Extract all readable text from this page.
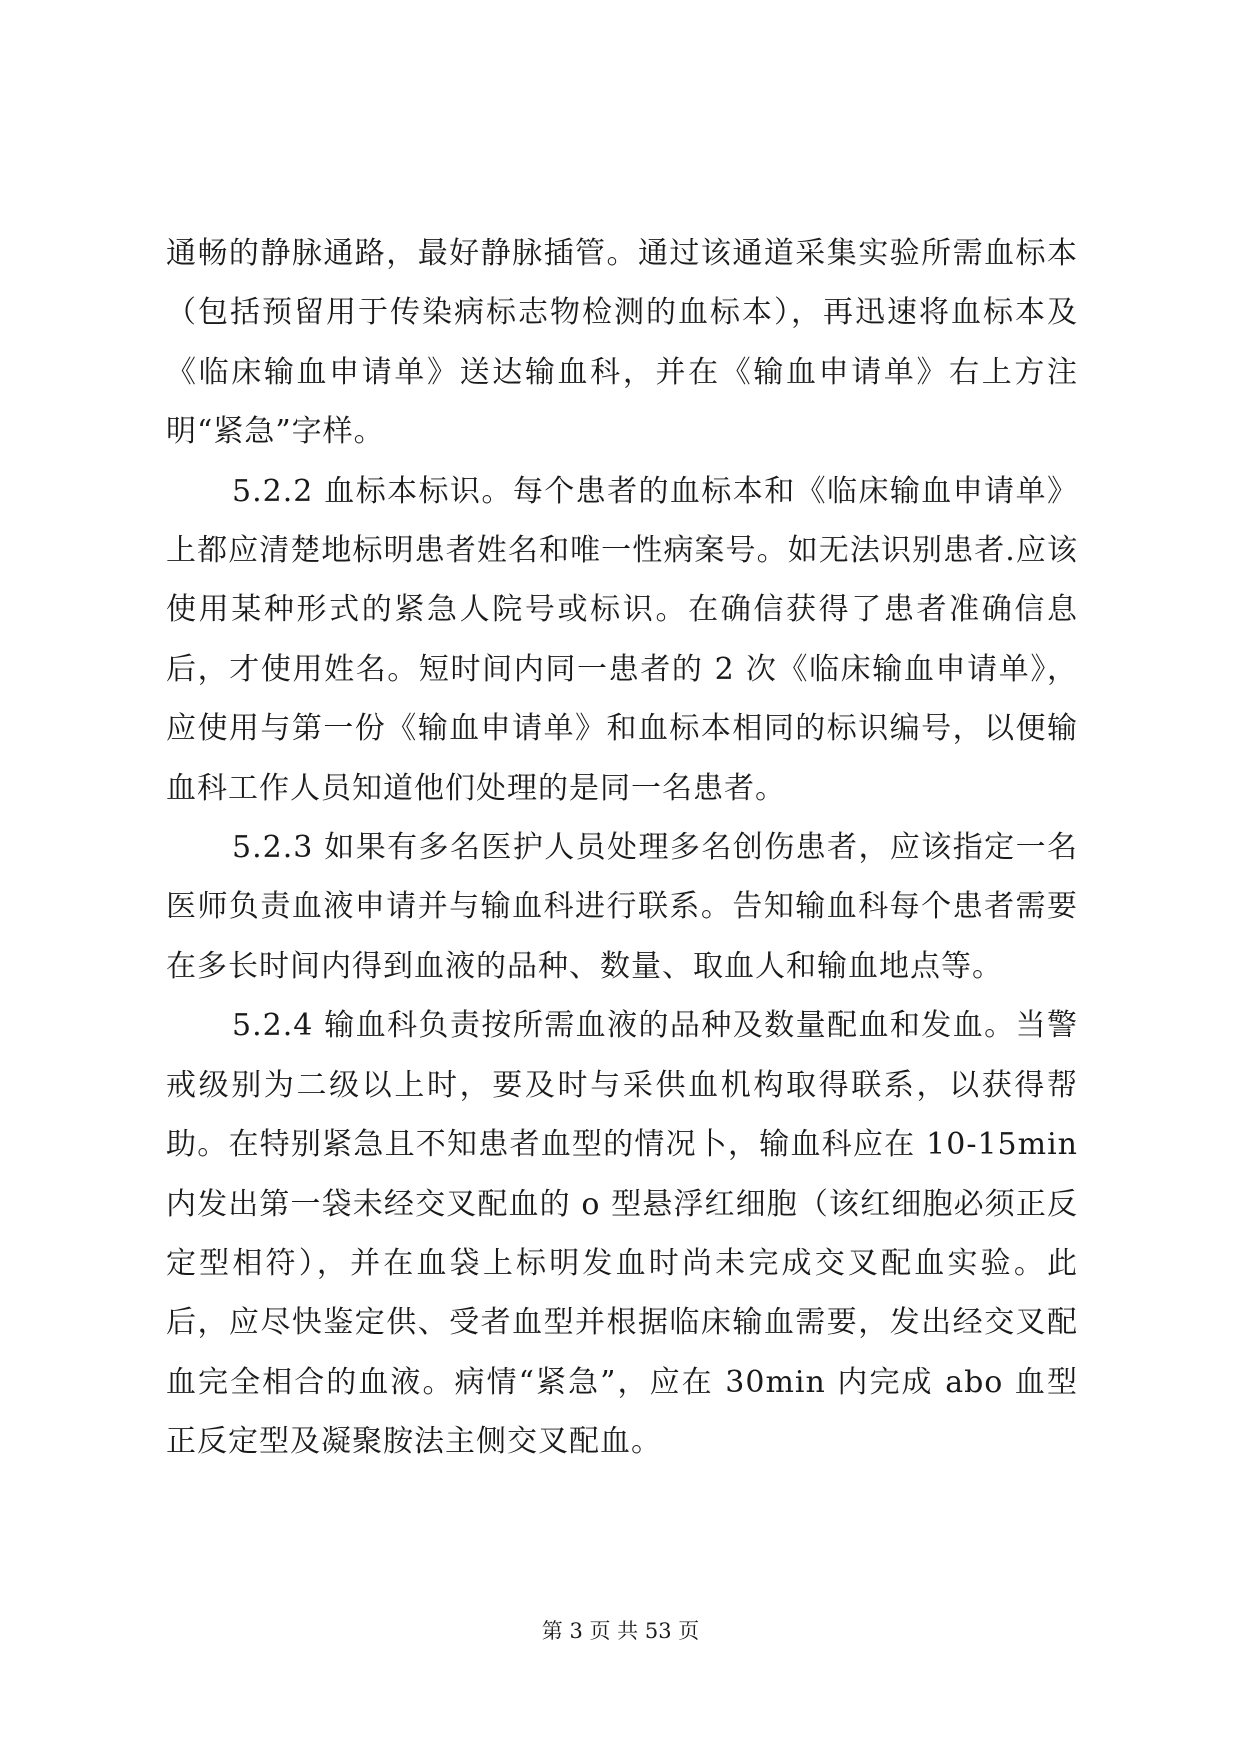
通畅的静脉通路，最好静脉插管。通过该通道采集实验所需血标本（包括预留用于传染病标志物检测的血标本），再迅速将血标本及《临床输血申请单》送达输血科，并在《输血申请单》右上方注明“紧急”字样。

5.2.2 血标本标识。每个患者的血标本和《临床输血申请单》上都应清楚地标明患者姓名和唯一性病案号。如无法识别患者.应该使用某种形式的紧急人院号或标识。在确信获得了患者准确信息后，才使用姓名。短时间内同一患者的 2 次《临床输血申请单》，应使用与第一份《输血申请单》和血标本相同的标识编号，以便输血科工作人员知道他们处理的是同一名患者。

5.2.3 如果有多名医护人员处理多名创伤患者，应该指定一名医师负责血液申请并与输血科进行联系。告知输血科每个患者需要在多长时间内得到血液的品种、数量、取血人和输血地点等。

5.2.4 输血科负责按所需血液的品种及数量配血和发血。当警戒级别为二级以上时，要及时与采供血机构取得联系，以获得帮助。在特别紧急且不知患者血型的情况卜，输血科应在 10-15min 内发出第一袋未经交叉配血的 o 型悬浮红细胞（该红细胞必须正反定型相符），并在血袋上标明发血时尚未完成交叉配血实验。此后，应尽快鉴定供、受者血型并根据临床输血需要，发出经交叉配血完全相合的血液。病情“紧急”，应在 30min 内完成 abo 血型正反定型及凝聚胺法主侧交叉配血。

第 3 页 共 53 页
